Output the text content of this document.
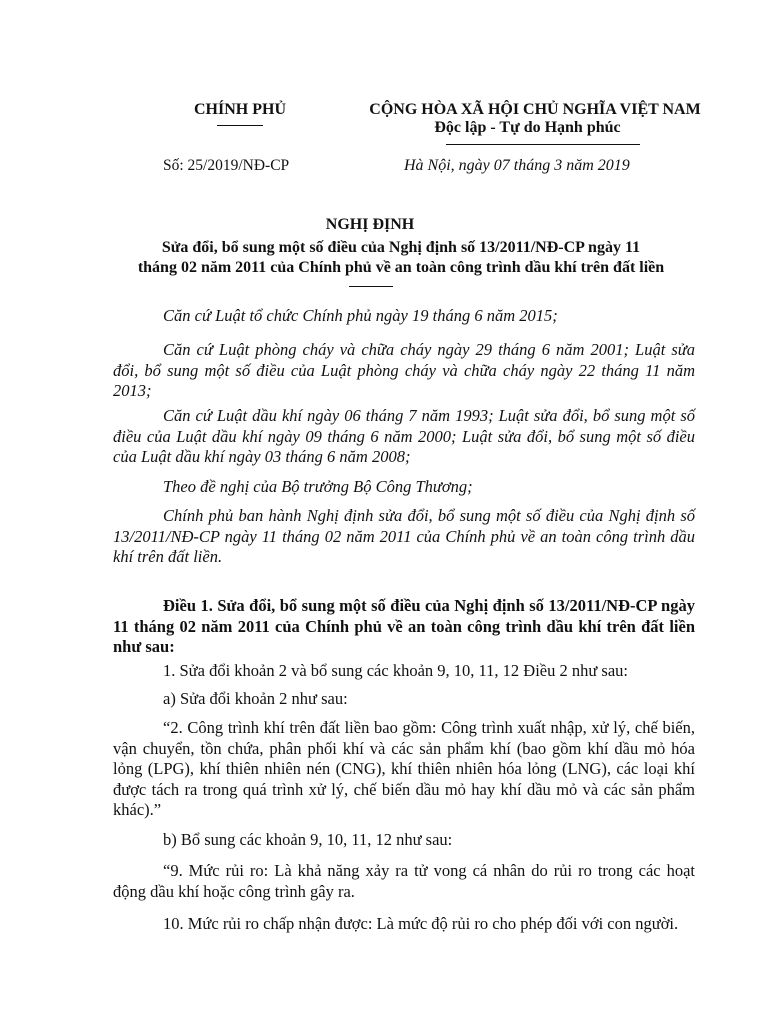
CHÍNH PHỦ	CỘNG HÒA XÃ HỘI CHỦ NGHĨA VIỆT NAM
Độc lập - Tự do Hạnh phúc
Số: 25/2019/NĐ-CP	Hà Nội, ngày 07 tháng 3 năm 2019
NGHỊ ĐỊNH
Sửa đổi, bổ sung một số điều của Nghị định số 13/2011/NĐ-CP ngày 11
tháng 02 năm 2011 của Chính phủ về an toàn công trình dầu khí trên đất liền
Căn cứ Luật tổ chức Chính phủ ngày 19 tháng 6 năm 2015;
Căn cứ Luật phòng cháy và chữa cháy ngày 29 tháng 6 năm 2001; Luật sửa đổi, bổ sung một số điều của Luật phòng cháy và chữa cháy ngày 22 tháng 11 năm 2013;
Căn cứ Luật dầu khí ngày 06 tháng 7 năm 1993; Luật sửa đổi, bổ sung một số điều của Luật dầu khí ngày 09 tháng 6 năm 2000; Luật sửa đổi, bổ sung một số điều của Luật dầu khí ngày 03 tháng 6 năm 2008;
Theo đề nghị của Bộ trưởng Bộ Công Thương;
Chính phủ ban hành Nghị định sửa đổi, bổ sung một số điều của Nghị định số 13/2011/NĐ-CP ngày 11 tháng 02 năm 2011 của Chính phủ về an toàn công trình dầu khí trên đất liền.
Điều 1. Sửa đổi, bổ sung một số điều của Nghị định số 13/2011/NĐ-CP ngày 11 tháng 02 năm 2011 của Chính phủ về an toàn công trình dầu khí trên đất liền như sau:
1. Sửa đổi khoản 2 và bổ sung các khoản 9, 10, 11, 12 Điều 2 như sau:
a) Sửa đổi khoản 2 như sau:
“2. Công trình khí trên đất liền bao gồm: Công trình xuất nhập, xử lý, chế biến, vận chuyển, tồn chứa, phân phối khí và các sản phẩm khí (bao gồm khí dầu mỏ hóa lỏng (LPG), khí thiên nhiên nén (CNG), khí thiên nhiên hóa lỏng (LNG), các loại khí được tách ra trong quá trình xử lý, chế biến dầu mỏ hay khí dầu mỏ và các sản phẩm khác).”
b) Bổ sung các khoản 9, 10, 11, 12 như sau:
“9. Mức rủi ro: Là khả năng xảy ra tử vong cá nhân do rủi ro trong các hoạt động dầu khí hoặc công trình gây ra.
10. Mức rủi ro chấp nhận được: Là mức độ rủi ro cho phép đối với con người.
